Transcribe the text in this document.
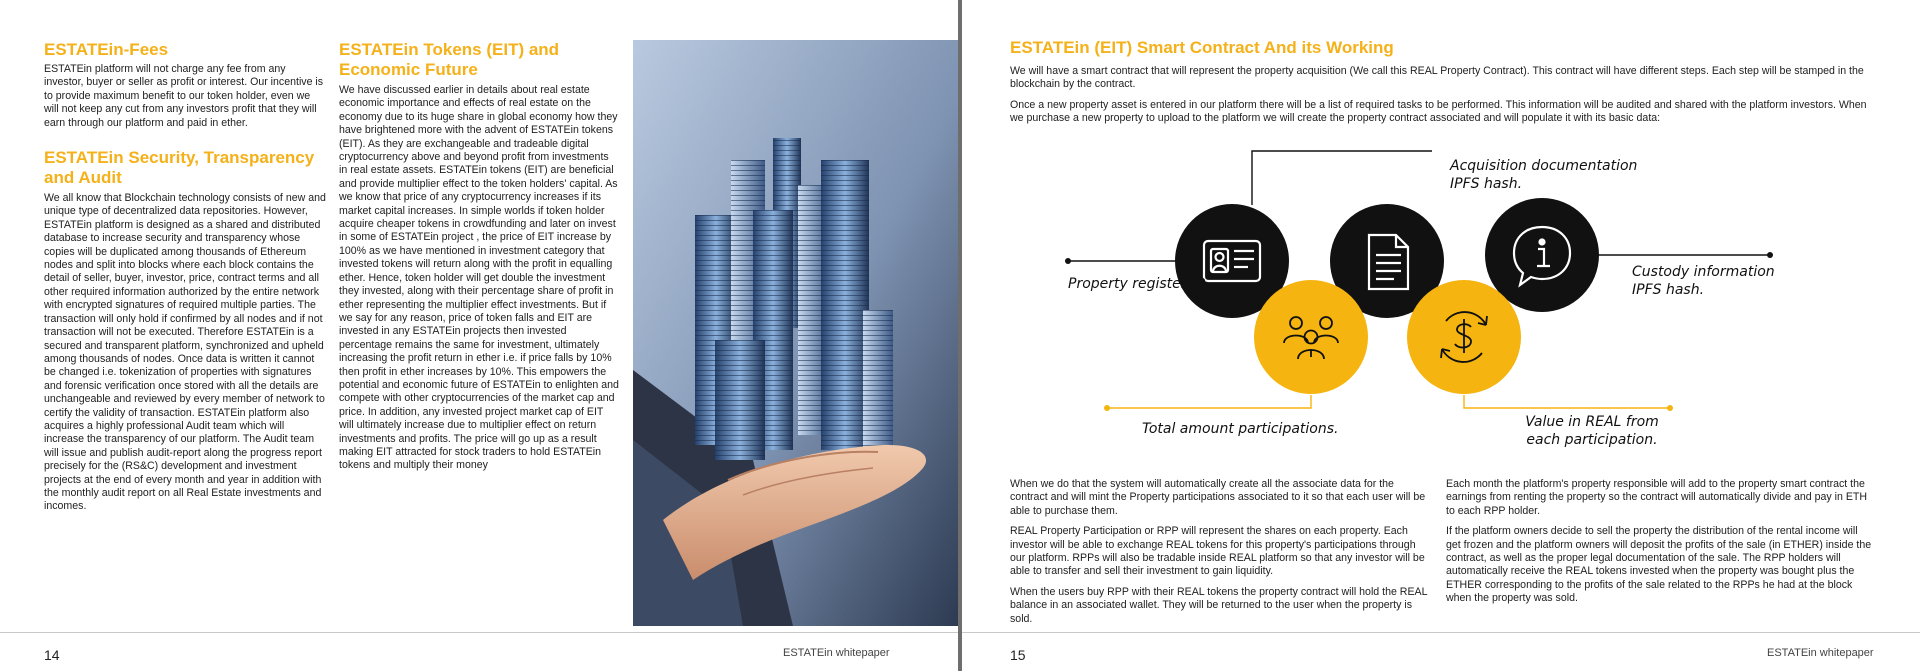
ESTATEin-Fees

ESTATEin platform will not charge any fee from any investor, buyer or seller as profit or interest. Our incentive is to provide maximum benefit to our token holder, even we will not keep any cut from any investors profit that they will earn through our platform and paid in ether.

ESTATEin Security, Transparency and Audit

We all know that Blockchain technology consists of new and unique type of decentralized data repositories. However, ESTATEin platform is designed as a shared and distributed database to increase security and transparency whose copies will be duplicated among thousands of Ethereum nodes and split into blocks where each block contains the detail of seller, buyer, investor, price, contract terms and all other required information authorized by the entire network with encrypted signatures of required multiple parties. The transaction will only hold if confirmed by all nodes and if not transaction will not be executed. Therefore ESTATEin is a secured and transparent platform, synchronized and upheld among thousands of nodes. Once data is written it cannot be changed i.e. tokenization of properties with signatures and forensic verification once stored with all the details are unchangeable and reviewed by every member of network to certify the validity of transaction. ESTATEin platform also acquires a highly professional Audit team which will increase the transparency of our platform. The Audit team will issue and publish audit-report along the progress report precisely for the (RS&C) development and investment projects at the end of every month and year in addition with the monthly audit report on all Real Estate investments and incomes.

ESTATEin Tokens (EIT) and Economic Future

We have discussed earlier in details about real estate economic importance and effects of real estate on the economy due to its huge share in global economy how they have brightened more with the advent of ESTATEin tokens (EIT). As they are exchangeable and tradeable digital cryptocurrency above and beyond profit from investments in real estate assets. ESTATEin tokens (EIT) are beneficial and provide multiplier effect to the token holders' capital. As we know that price of any cryptocurrency increases if its market capital increases. In simple worlds if token holder acquire cheaper tokens in crowdfunding and later on invest in some of ESTATEin project , the price of EIT increase by 100% as we have mentioned in investment category that invested tokens will return along with the profit in equalling ether. Hence, token holder will get double the investment they invested, along with their percentage share of profit in ether representing the multiplier effect investments. But if we say for any reason, price of token falls and EIT are invested in any ESTATEin projects then invested percentage remains the same for investment, ultimately increasing the profit return in ether i.e. if price falls by 10% then profit in ether increases by 10%. This empowers the potential and economic future of ESTATEin to enlighten and compete with other cryptocurrencies of the market cap and price. In addition, any invested project market cap of EIT will ultimately increase due to multiplier effect on return investments and profits. The price will go up as a result making EIT attracted for stock traders to hold ESTATEin tokens and multiply their money

14	ESTATEin whitepaper
ESTATEin (EIT) Smart Contract And its Working

We will have a smart contract that will represent the property acquisition (We call this REAL Property Contract). This contract will have different steps. Each step will be stamped in the blockchain by the contract.

Once a new property asset is entered in our platform there will be a list of required tasks to be performed. This information will be audited and shared with the platform investors. When we purchase a new property to upload to the platform we will create the property contract associated and will populate it with its basic data:

Property register ID
Acquisition documentation
IPFS hash.
Custody information
IPFS hash.
Total amount participations.	Value in REAL from
each participation.

When we do that the system will automatically create all the associate data for the contract and will mint the Property participations associated to it so that each user will be able to purchase them.

REAL Property Participation or RPP will represent the shares on each property. Each investor will be able to exchange REAL tokens for this property's participations through our platform. RPPs will also be tradable inside REAL platform so that any investor will be able to transfer and sell their investment to gain liquidity.

When the users buy RPP with their REAL tokens the property contract will hold the REAL balance in an associated wallet. They will be returned to the user when the property is sold.

Each month the platform's property responsible will add to the property smart contract the earnings from renting the property so the contract will automatically divide and pay in ETH to each RPP holder.

If the platform owners decide to sell the property the distribution of the rental income will get frozen and the platform owners will deposit the profits of the sale (in ETHER) inside the contract, as well as the proper legal documentation of the sale. The RPP holders will automatically receive the REAL tokens invested when the property was bought plus the ETHER corresponding to the profits of the sale related to the RPPs he had at the block when the property was sold.

15	ESTATEin whitepaper
